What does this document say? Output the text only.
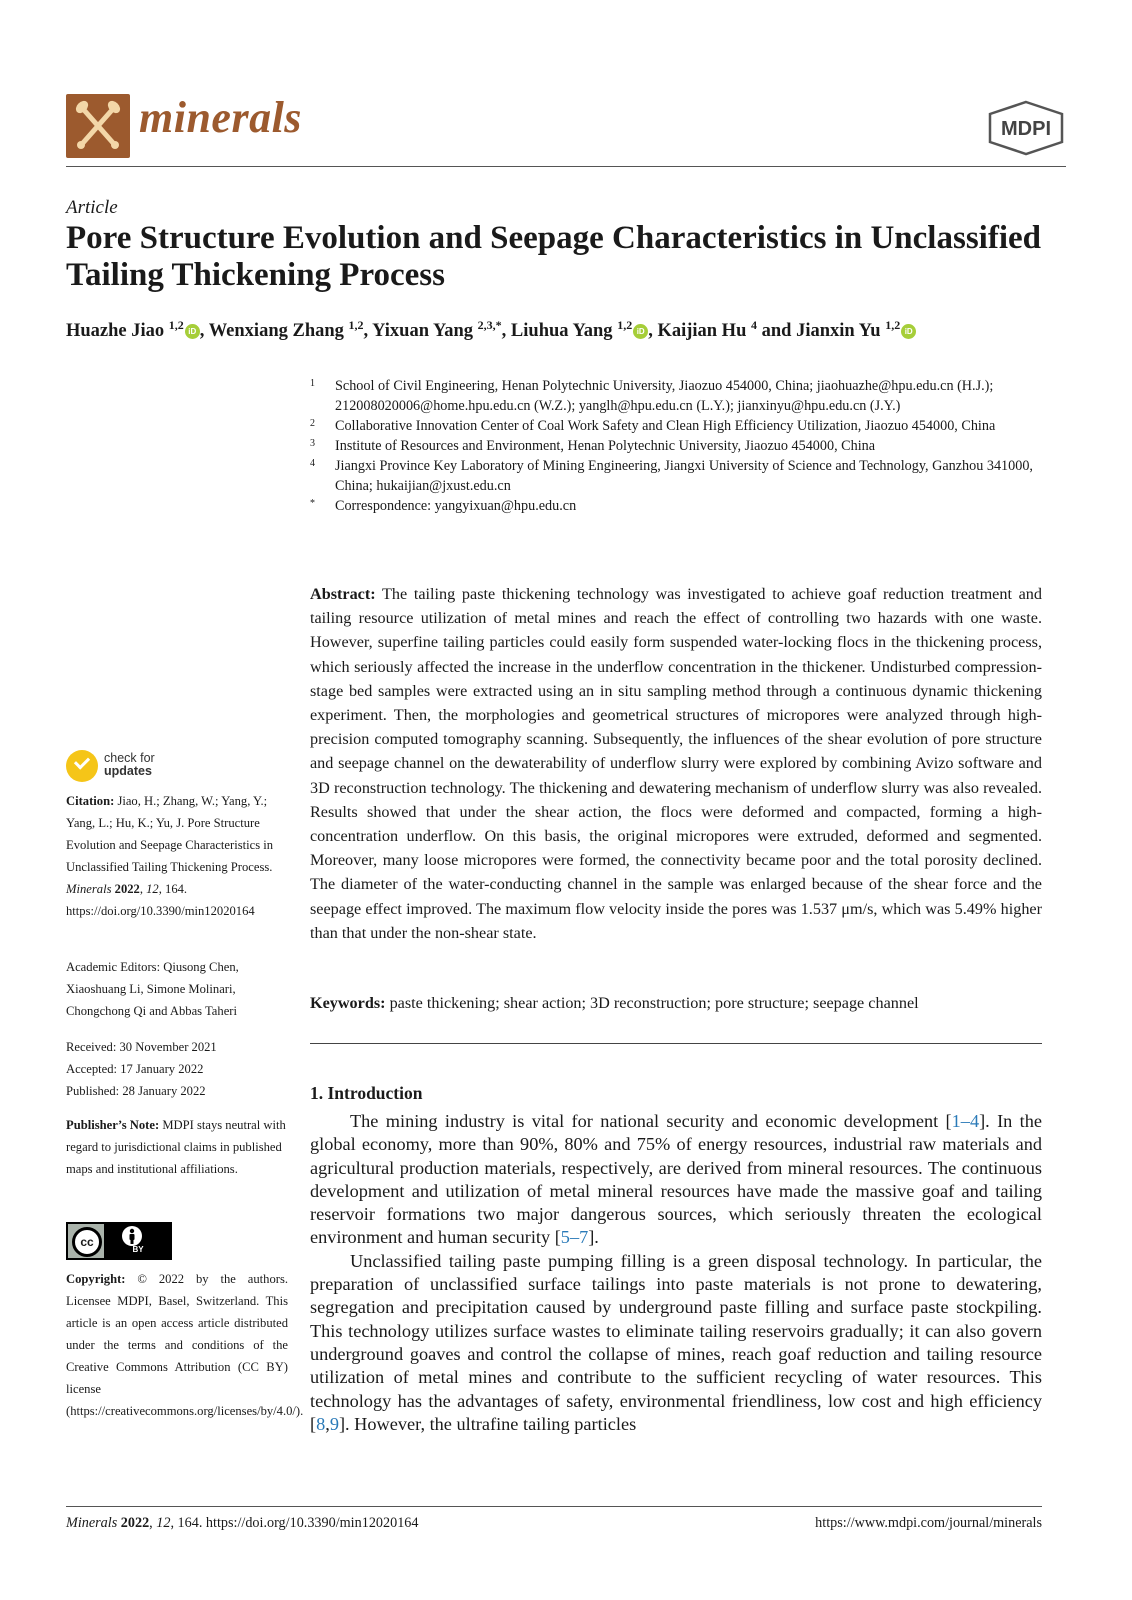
minerals	MDPI
Article
Pore Structure Evolution and Seepage Characteristics in Unclassified Tailing Thickening Process
Huazhe Jiao $^{1,2}$ iD , Wenxiang Zhang $^{1,2}$, Yixuan Yang $^{2,3,*}$, Liuhua Yang $^{1,2}$ iD , Kaijian Hu $^4$ and Jianxin Yu $^{1,2}$ iD
1	School of Civil Engineering, Henan Polytechnic University, Jiaozuo 454000, China; jiaohuazhe@hpu.edu.cn (H.J.); 212008020006@home.hpu.edu.cn (W.Z.); yanglh@hpu.edu.cn (L.Y.); jianxinyu@hpu.edu.cn (J.Y.)
2	Collaborative Innovation Center of Coal Work Safety and Clean High Efficiency Utilization, Jiaozuo 454000, China
3	Institute of Resources and Environment, Henan Polytechnic University, Jiaozuo 454000, China
4	Jiangxi Province Key Laboratory of Mining Engineering, Jiangxi University of Science and Technology, Ganzhou 341000, China; hukaijian@jxust.edu.cn
*	Correspondence: yangyixuan@hpu.edu.cn
check for
updates
Citation: Jiao, H.; Zhang, W.; Yang, Y.; Yang, L.; Hu, K.; Yu, J. Pore Structure Evolution and Seepage Characteristics in Unclassified Tailing Thickening Process. Minerals 2022, 12, 164. https://doi.org/10.3390/min12020164
Academic Editors: Qiusong Chen, Xiaoshuang Li, Simone Molinari, Chongchong Qi and Abbas Taheri
Received: 30 November 2021
Accepted: 17 January 2022
Published: 28 January 2022
Publisher’s Note: MDPI stays neutral with regard to jurisdictional claims in published maps and institutional affiliations.
cc
BY
Copyright: © 2022 by the authors. Licensee MDPI, Basel, Switzerland. This article is an open access article distributed under the terms and conditions of the Creative Commons Attribution (CC BY) license (https://creativecommons.org/licenses/by/4.0/).
Abstract: The tailing paste thickening technology was investigated to achieve goaf reduction treatment and tailing resource utilization of metal mines and reach the effect of controlling two hazards with one waste. However, superfine tailing particles could easily form suspended water-locking flocs in the thickening process, which seriously affected the increase in the underflow concentration in the thickener. Undisturbed compression-stage bed samples were extracted using an in situ sampling method through a continuous dynamic thickening experiment. Then, the morphologies and geometrical structures of micropores were analyzed through high-precision computed tomography scanning. Subsequently, the influences of the shear evolution of pore structure and seepage channel on the dewaterability of underflow slurry were explored by combining Avizo software and 3D reconstruction technology. The thickening and dewatering mechanism of underflow slurry was also revealed. Results showed that under the shear action, the flocs were deformed and compacted, forming a high-concentration underflow. On this basis, the original micropores were extruded, deformed and segmented. Moreover, many loose micropores were formed, the connectivity became poor and the total porosity declined. The diameter of the water-conducting channel in the sample was enlarged because of the shear force and the seepage effect improved. The maximum flow velocity inside the pores was 1.537 μm/s, which was 5.49% higher than that under the non-shear state.
Keywords: paste thickening; shear action; 3D reconstruction; pore structure; seepage channel
1. Introduction

The mining industry is vital for national security and economic development [1–4]. In the global economy, more than 90%, 80% and 75% of energy resources, industrial raw materials and agricultural production materials, respectively, are derived from mineral resources. The continuous development and utilization of metal mineral resources have made the massive goaf and tailing reservoir formations two major dangerous sources, which seriously threaten the ecological environment and human security [5–7].

Unclassified tailing paste pumping filling is a green disposal technology. In particular, the preparation of unclassified surface tailings into paste materials is not prone to dewatering, segregation and precipitation caused by underground paste filling and surface paste stockpiling. This technology utilizes surface wastes to eliminate tailing reservoirs gradually; it can also govern underground goaves and control the collapse of mines, reach goaf reduction and tailing resource utilization of metal mines and contribute to the sufficient recycling of water resources. This technology has the advantages of safety, environmental friendliness, low cost and high efficiency [8,9]. However, the ultrafine tailing particles

Minerals 2022, 12, 164. https://doi.org/10.3390/min12020164	https://www.mdpi.com/journal/minerals
